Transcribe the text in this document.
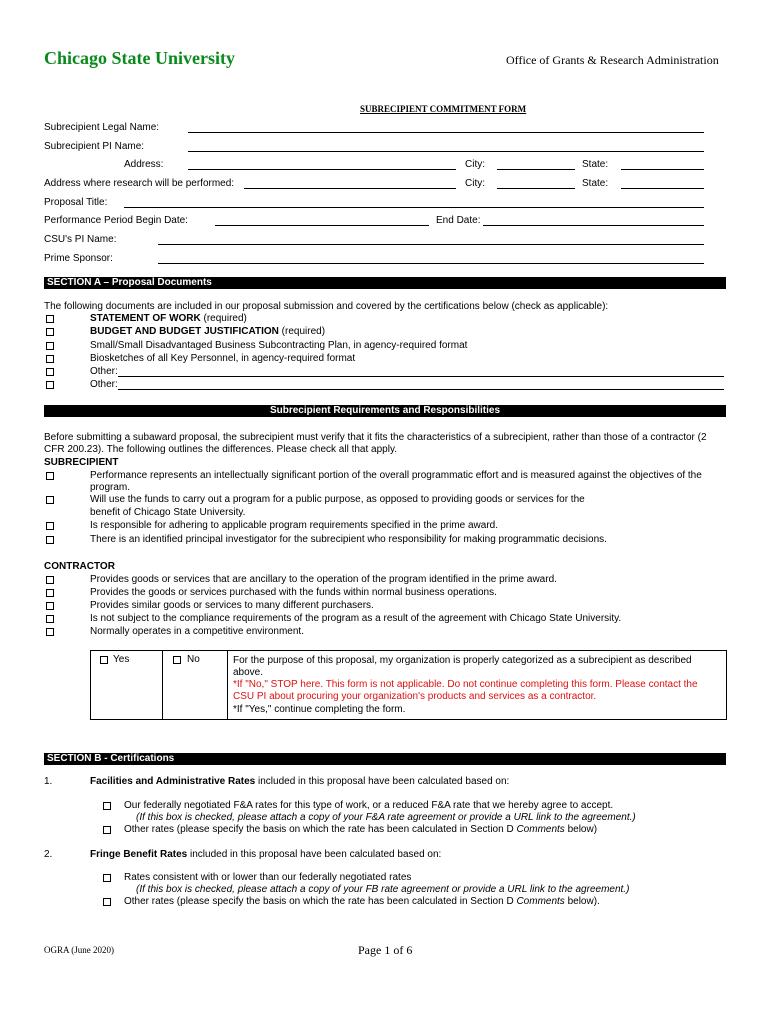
Chicago State University	Office of Grants & Research Administration
SUBRECIPIENT COMMITMENT FORM
Subrecipient Legal Name:
Subrecipient PI Name:
Address:	City:	State:
Address where research will be performed:	City:	State:
Proposal Title:
Performance Period Begin Date:	End Date:
CSU's PI Name:
Prime Sponsor:
SECTION A – Proposal Documents
The following documents are included in our proposal submission and covered by the certifications below (check as applicable):
STATEMENT OF WORK (required)
BUDGET AND BUDGET JUSTIFICATION (required)
Small/Small Disadvantaged Business Subcontracting Plan, in agency-required format
Biosketches of all Key Personnel, in agency-required format
Other:
Other:
Subrecipient Requirements and Responsibilities
Before submitting a subaward proposal, the subrecipient must verify that it fits the characteristics of a subrecipient, rather than those of a contractor (2
CFR 200.23). The following outlines the differences. Please check all that apply.
SUBRECIPIENT
Performance represents an intellectually significant portion of the overall programmatic effort and is measured against the objectives of the
program.
Will use the funds to carry out a program for a public purpose, as opposed to providing goods or services for the
benefit of Chicago State University.
Is responsible for adhering to applicable program requirements specified in the prime award.
There is an identified principal investigator for the subrecipient who responsibility for making programmatic decisions.
CONTRACTOR
Provides goods or services that are ancillary to the operation of the program identified in the prime award.
Provides the goods or services purchased with the funds within normal business operations.
Provides similar goods or services to many different purchasers.
Is not subject to the compliance requirements of the program as a result of the agreement with Chicago State University.
Normally operates in a competitive environment.
Yes	No	For the purpose of this proposal, my organization is properly categorized as a subrecipient as described
above.
*If "No," STOP here. This form is not applicable. Do not continue completing this form. Please contact the
CSU PI about procuring your organization's products and services as a contractor.
*If "Yes," continue completing the form.
SECTION B - Certifications
1.	Facilities and Administrative Rates included in this proposal have been calculated based on:
Our federally negotiated F&A rates for this type of work, or a reduced F&A rate that we hereby agree to accept.
(If this box is checked, please attach a copy of your F&A rate agreement or provide a URL link to the agreement.)
Other rates (please specify the basis on which the rate has been calculated in Section D Comments below)
2.	Fringe Benefit Rates included in this proposal have been calculated based on:
Rates consistent with or lower than our federally negotiated rates
(If this box is checked, please attach a copy of your FB rate agreement or provide a URL link to the agreement.)
Other rates (please specify the basis on which the rate has been calculated in Section D Comments below).
OGRA (June 2020)	Page 1 of 6
